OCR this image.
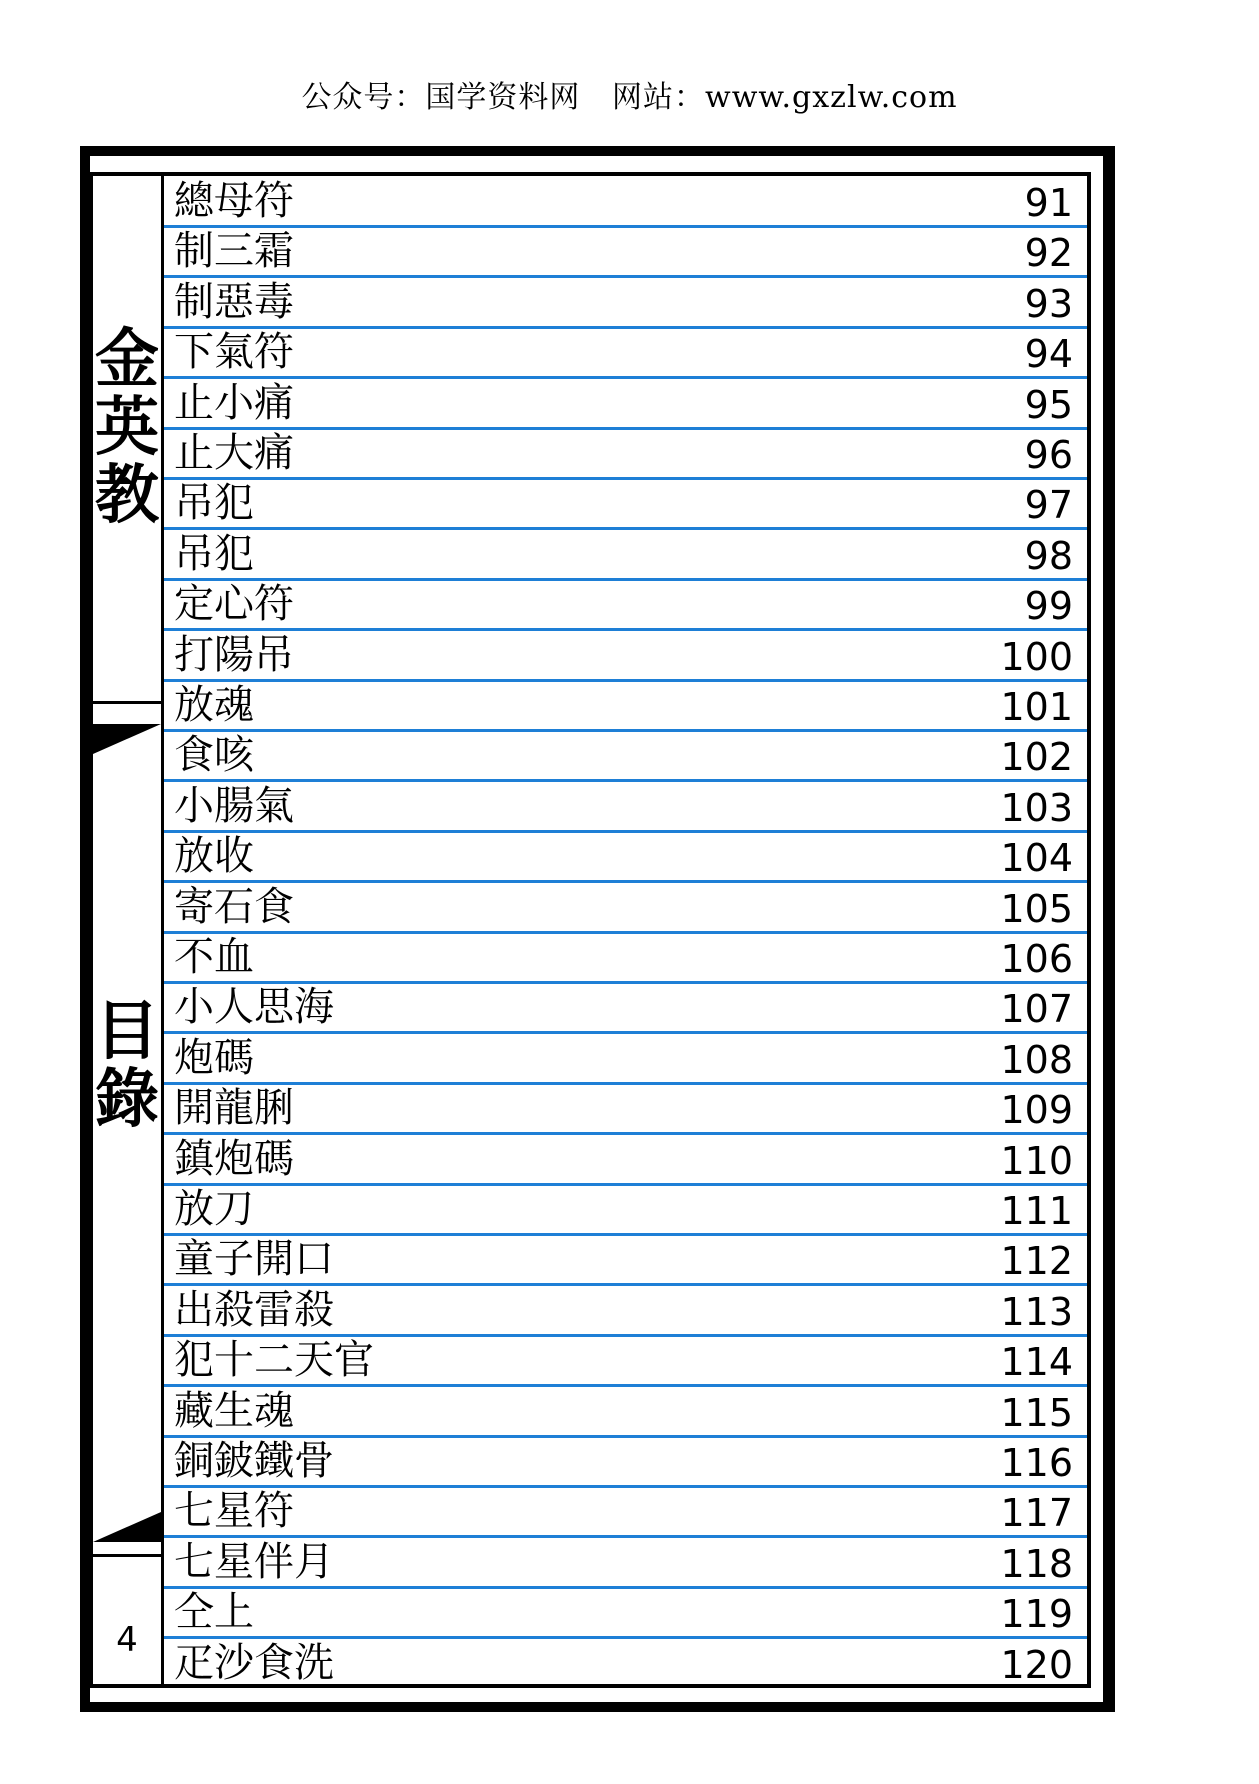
公众号：国学资料网   网站：www.gxzlw.com
金
英
教
目
錄
4
總母符	91
制三霜	92
制惡毒	93
下氣符	94
止小痛	95
止大痛	96
吊犯	97
吊犯	98
定心符	99
打陽吊	100
放魂	101
食咳	102
小腸氣	103
放收	104
寄石食	105
不血	106
小人思海	107
炮碼	108
開龍脷	109
鎮炮碼	110
放刀	111
童子開口	112
出殺雷殺	113
犯十二天官	114
藏生魂	115
銅鈹鐵骨	116
七星符	117
七星伴月	118
仝上	119
疋沙食洗	120
